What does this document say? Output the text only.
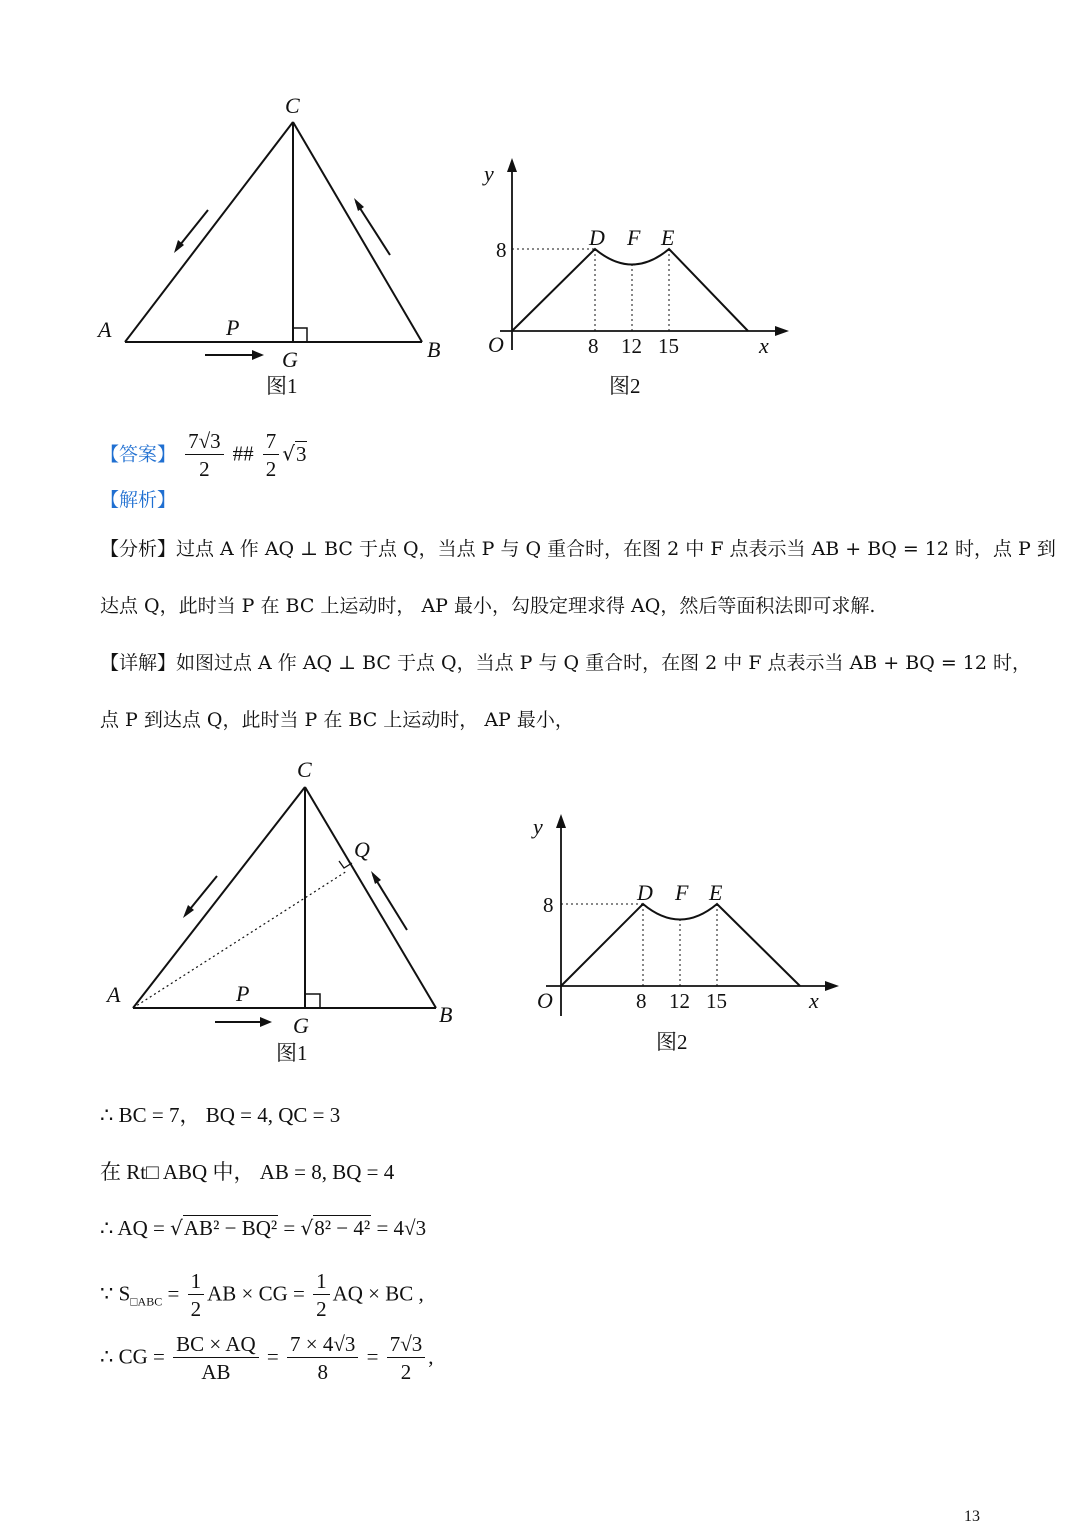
C
A
B
P
G
图1
y
x
O
D F E
8
8 12 15
图2
【答案】 $\frac{7√3}{2}$ ## $\frac{7}{2} √3$
【解析】
【分析】过点 A 作 AQ ⊥ BC 于点 Q，当点 P 与 Q 重合时，在图 2 中 F 点表示当 AB + BQ = 12 时，点 P 到
达点 Q，此时当 P 在 BC 上运动时， AP 最小，勾股定理求得 AQ，然后等面积法即可求解.
【详解】如图过点 A 作 AQ ⊥ BC 于点 Q，当点 P 与 Q 重合时，在图 2 中 F 点表示当 AB + BQ = 12 时，
点 P 到达点 Q，此时当 P 在 BC 上运动时， AP 最小，
C
Q
A
B
P
G
图1
y
x
O
D F E
8
8 12 15
图2
∴ BC = 7， BQ = 4, QC = 3
在 Rt□ ABQ 中， AB = 8, BQ = 4
∴ AQ = √AB² − BQ² = √8² − 4² = 4√3
∵ $S_{□ABC} = \frac{1}{2}$ AB × CG = $\frac{1}{2}$ AQ × BC ,
∴ CG = $\frac{BC \times AQ}{AB} = \frac{7 \times 4√3}{8} = \frac{7√3}{2}$ ,
13
